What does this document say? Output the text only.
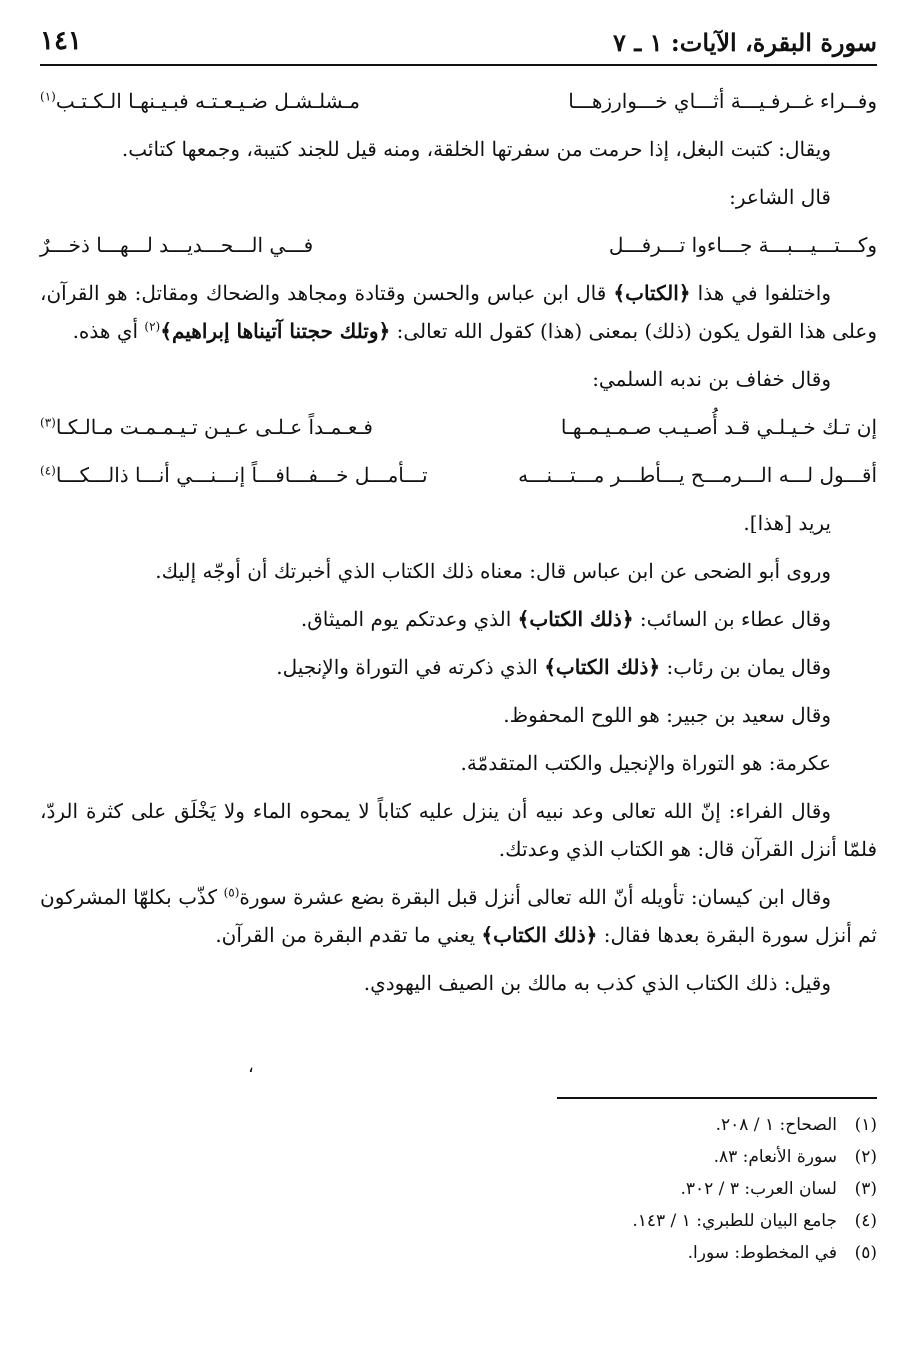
سورة البقرة، الآيات: ١ ـ ٧
١٤١
وفــراء غــرفـيـــة أثـــاي خـــوارزهـــا
مـشلـشـل ضـيـعـتـه فبـيـنهـا الـكـتـب$^{(١)}$

ويقال: كتبت البغل، إذا حرمت من سفرتها الخلقة، ومنه قيل للجند كتيبة، وجمعها كتائب.

قال الشاعر:

وكـــتـــيـــبـــة جـــاءوا تـــرفـــل
فـــي الـــحـــديـــد لـــهـــا ذخـــرٌ

واختلفوا في هذا ﴿الكتاب﴾ قال ابن عباس والحسن وقتادة ومجاهد والضحاك ومقاتل: هو القرآن، وعلى هذا القول يكون (ذلك) بمعنى (هذا) كقول الله تعالى: ﴿وتلك حجتنا آتيناها إبراهيم﴾$^{(٢)}$ أي هذه.

وقال خفاف بن ندبه السلمي:

إن تـك خـيـلـي قـد أُصـيـب صـمـيـمـهـا
فـعـمـداً عـلـى عـيـن تـيـمـمـت مـالـكـا$^{(٣)}$
أقـــول لـــه الـــرمـــح يـــأطـــر مـــتـــنـــه
تـــأمـــل خـــفـــافـــاً إنـــنـــي أنـــا ذالـــكـــا$^{(٤)}$

يريد [هذا].

وروى أبو الضحى عن ابن عباس قال: معناه ذلك الكتاب الذي أخبرتك أن أوجّه إليك.

وقال عطاء بن السائب: ﴿ذلك الكتاب﴾ الذي وعدتكم يوم الميثاق.

وقال يمان بن رئاب: ﴿ذلك الكتاب﴾ الذي ذكرته في التوراة والإنجيل.

وقال سعيد بن جبير: هو اللوح المحفوظ.

عكرمة: هو التوراة والإنجيل والكتب المتقدمّة.

وقال الفراء: إنّ الله تعالى وعد نبيه أن ينزل عليه كتاباً لا يمحوه الماء ولا يَخْلَق على كثرة الردّ، فلمّا أنزل القرآن قال: هو الكتاب الذي وعدتك.

وقال ابن كيسان: تأويله أنّ الله تعالى أنزل قبل البقرة بضع عشرة سورة$^{(٥)}$ كذّب بكلهّا المشركون ثم أنزل سورة البقرة بعدها فقال: ﴿ذلك الكتاب﴾ يعني ما تقدم البقرة من القرآن.

وقيل: ذلك الكتاب الذي كذب به مالك بن الصيف اليهودي.

،
(١)الصحاح: ١ / ٢٠٨.
(٢)سورة الأنعام: ٨٣.
(٣)لسان العرب: ٣ / ٣٠٢.
(٤)جامع البيان للطبري: ١ / ١٤٣.
(٥)في المخطوط: سورا.
